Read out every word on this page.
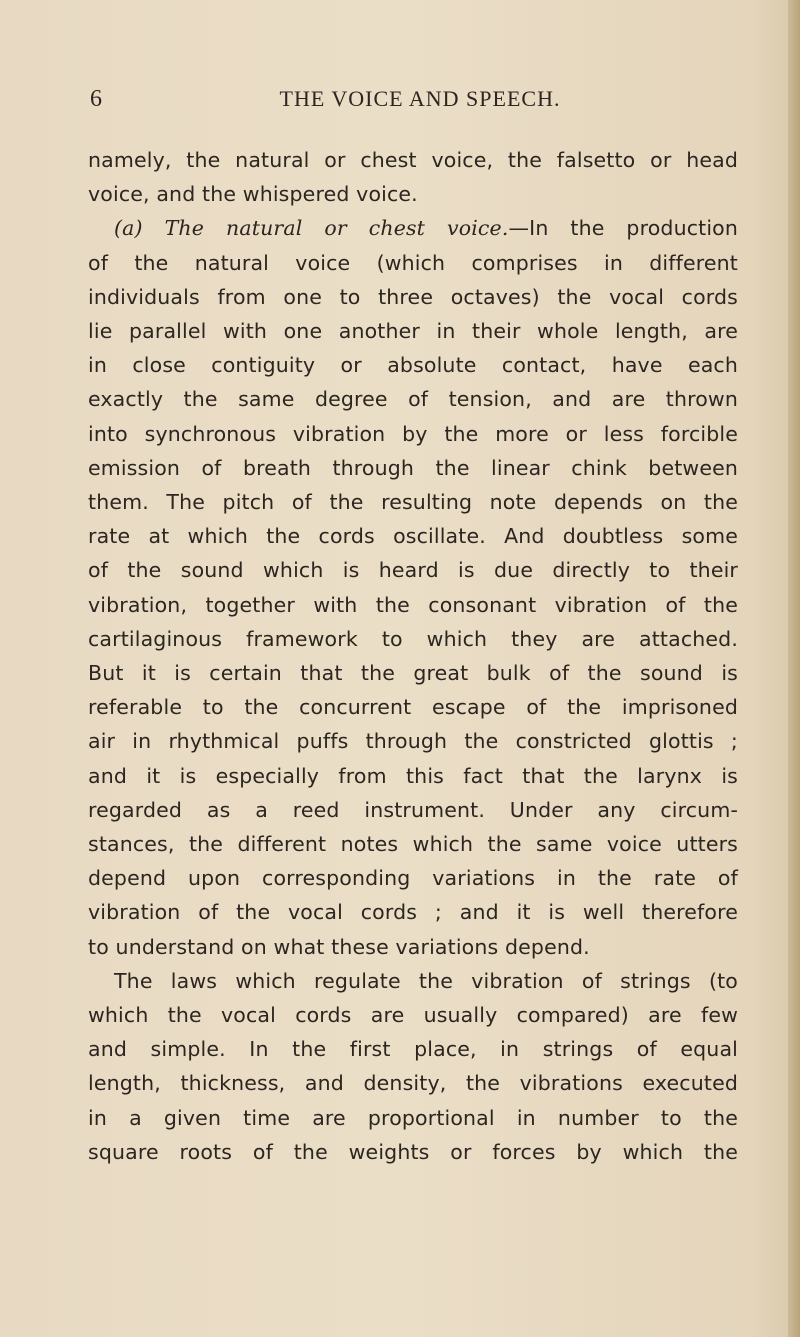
6	THE VOICE AND SPEECH.
namely, the natural or chest voice, the falsetto or head
voice, and the whispered voice.
(a) The natural or chest voice.—In the production
of the natural voice (which comprises in different
individuals from one to three octaves) the vocal cords
lie parallel with one another in their whole length, are
in close contiguity or absolute contact, have each
exactly the same degree of tension, and are thrown
into synchronous vibration by the more or less forcible
emission of breath through the linear chink between
them. The pitch of the resulting note depends on the
rate at which the cords oscillate. And doubtless some
of the sound which is heard is due directly to their
vibration, together with the consonant vibration of the
cartilaginous framework to which they are attached.
But it is certain that the great bulk of the sound is
referable to the concurrent escape of the imprisoned
air in rhythmical puffs through the constricted glottis ;
and it is especially from this fact that the larynx is
regarded as a reed instrument. Under any circum-
stances, the different notes which the same voice utters
depend upon corresponding variations in the rate of
vibration of the vocal cords ; and it is well therefore
to understand on what these variations depend.
The laws which regulate the vibration of strings (to
which the vocal cords are usually compared) are few
and simple. In the first place, in strings of equal
length, thickness, and density, the vibrations executed
in a given time are proportional in number to the
square roots of the weights or forces by which the
